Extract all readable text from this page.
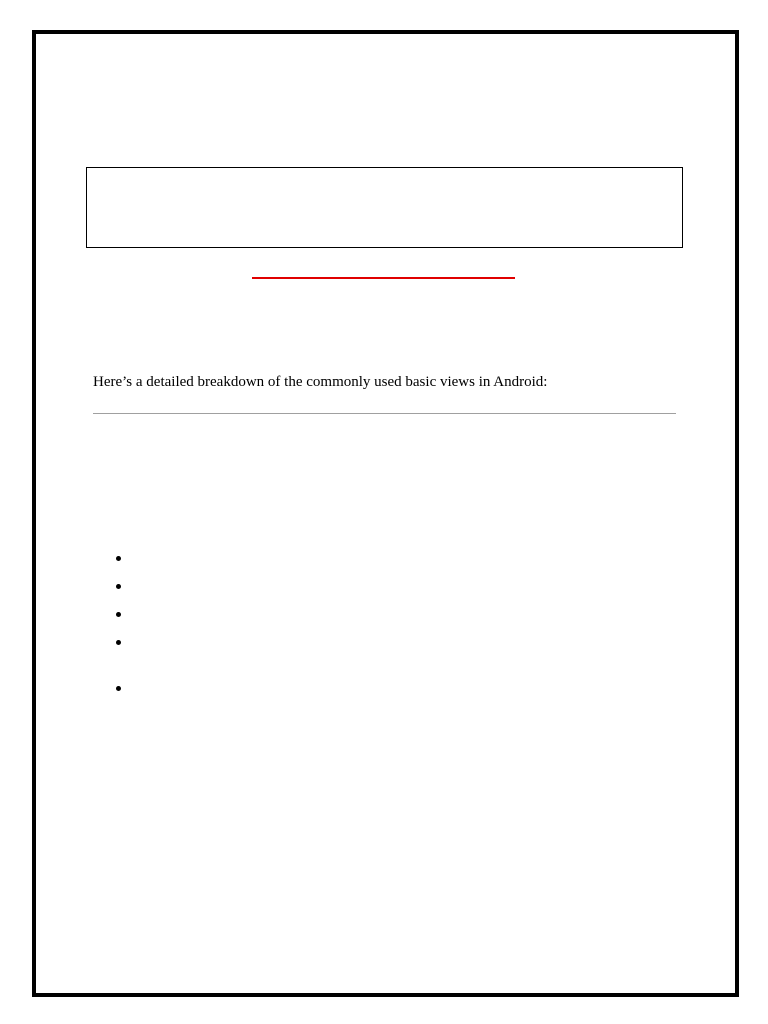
Here’s a detailed breakdown of the commonly used basic views in Android:
